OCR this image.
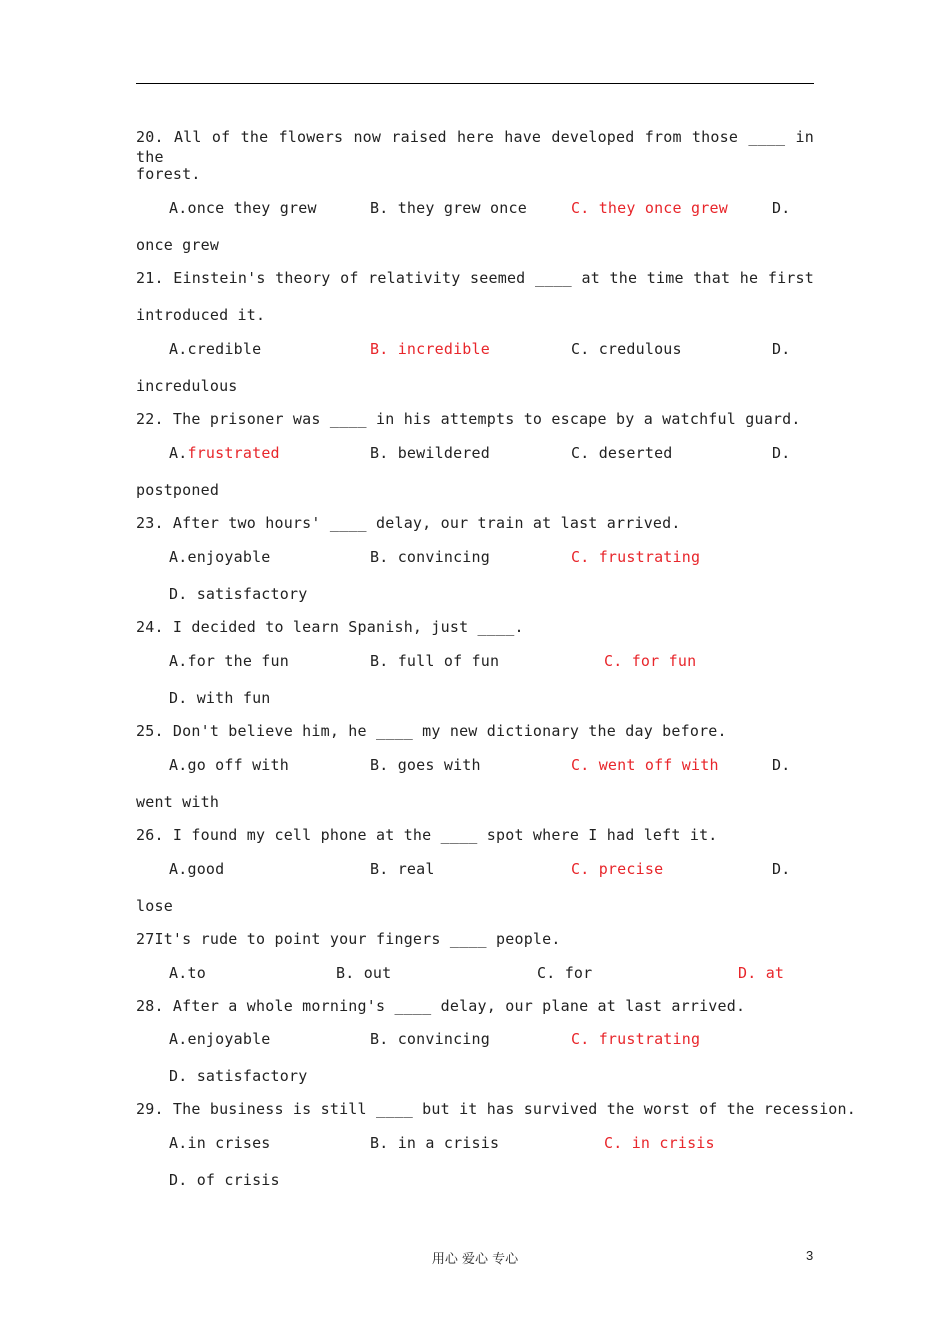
20. All of the flowers now raised here have developed from those ____ in the
forest.
A.once they grew	B. they grew once	C. they once grew	D.
once grew
21. Einstein's theory of relativity seemed ____ at the time that he first
introduced it.
A.credible	B. incredible	C. credulous	D.
incredulous
22. The prisoner was ____ in his attempts to escape by a watchful guard.
A.frustrated	B. bewildered	C. deserted	D.
postponed
23. After two hours' ____ delay, our train at last arrived.
A.enjoyable	B. convincing	C. frustrating
D. satisfactory
24. I decided to learn Spanish, just ____.
A.for the fun	B. full of fun	C. for fun
D. with fun
25. Don't believe him, he ____ my new dictionary the day before.
A.go off with	B. goes with	C. went off with	D.
went with
26. I found my cell phone at the ____ spot where I had left it.
A.good	B. real	C. precise	D.
lose
27It's rude to point your fingers ____ people.
A.to	B. out	C. for	D. at
28. After a whole morning's ____ delay, our plane at last arrived.
A.enjoyable	B. convincing	C. frustrating
D. satisfactory
29. The business is still ____ but it has survived the worst of the recession.
A.in crises	B. in a crisis	C. in crisis
D. of crisis
用心 爱心 专心	3
